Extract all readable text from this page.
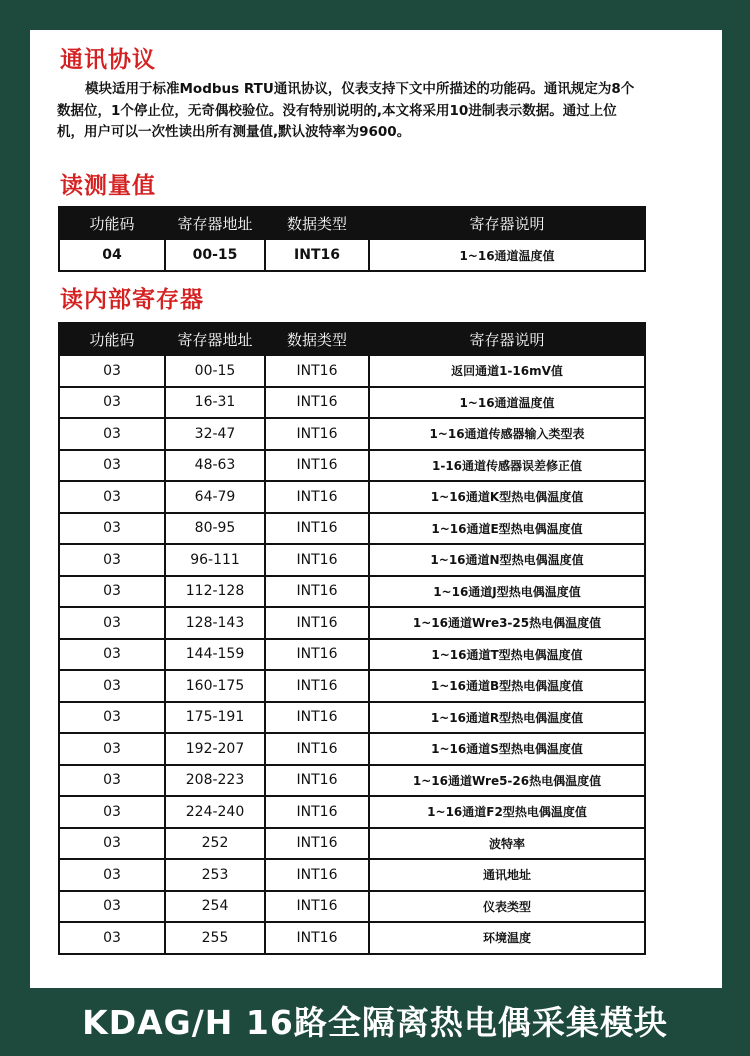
通讯协议

模块适用于标准Modbus RTU通讯协议，仪表支持下文中所描述的功能码。通讯规定为8个数据位，1个停止位，无奇偶校验位。没有特别说明的,本文将采用10进制表示数据。通过上位机，用户可以一次性读出所有测量值,默认波特率为9600。

读测量值
功能码	寄存器地址	数据类型	寄存器说明
04	00-15	INT16	1~16通道温度值
读内部寄存器
功能码	寄存器地址	数据类型	寄存器说明
03	00-15	INT16	返回通道1-16mV值
03	16-31	INT16	1~16通道温度值
03	32-47	INT16	1~16通道传感器输入类型表
03	48-63	INT16	1-16通道传感器误差修正值
03	64-79	INT16	1~16通道K型热电偶温度值
03	80-95	INT16	1~16通道E型热电偶温度值
03	96-111	INT16	1~16通道N型热电偶温度值
03	112-128	INT16	1~16通道J型热电偶温度值
03	128-143	INT16	1~16通道Wre3-25热电偶温度值
03	144-159	INT16	1~16通道T型热电偶温度值
03	160-175	INT16	1~16通道B型热电偶温度值
03	175-191	INT16	1~16通道R型热电偶温度值
03	192-207	INT16	1~16通道S型热电偶温度值
03	208-223	INT16	1~16通道Wre5-26热电偶温度值
03	224-240	INT16	1~16通道F2型热电偶温度值
03	252	INT16	波特率
03	253	INT16	通讯地址
03	254	INT16	仪表类型
03	255	INT16	环境温度
KDAG/H 16路全隔离热电偶采集模块
